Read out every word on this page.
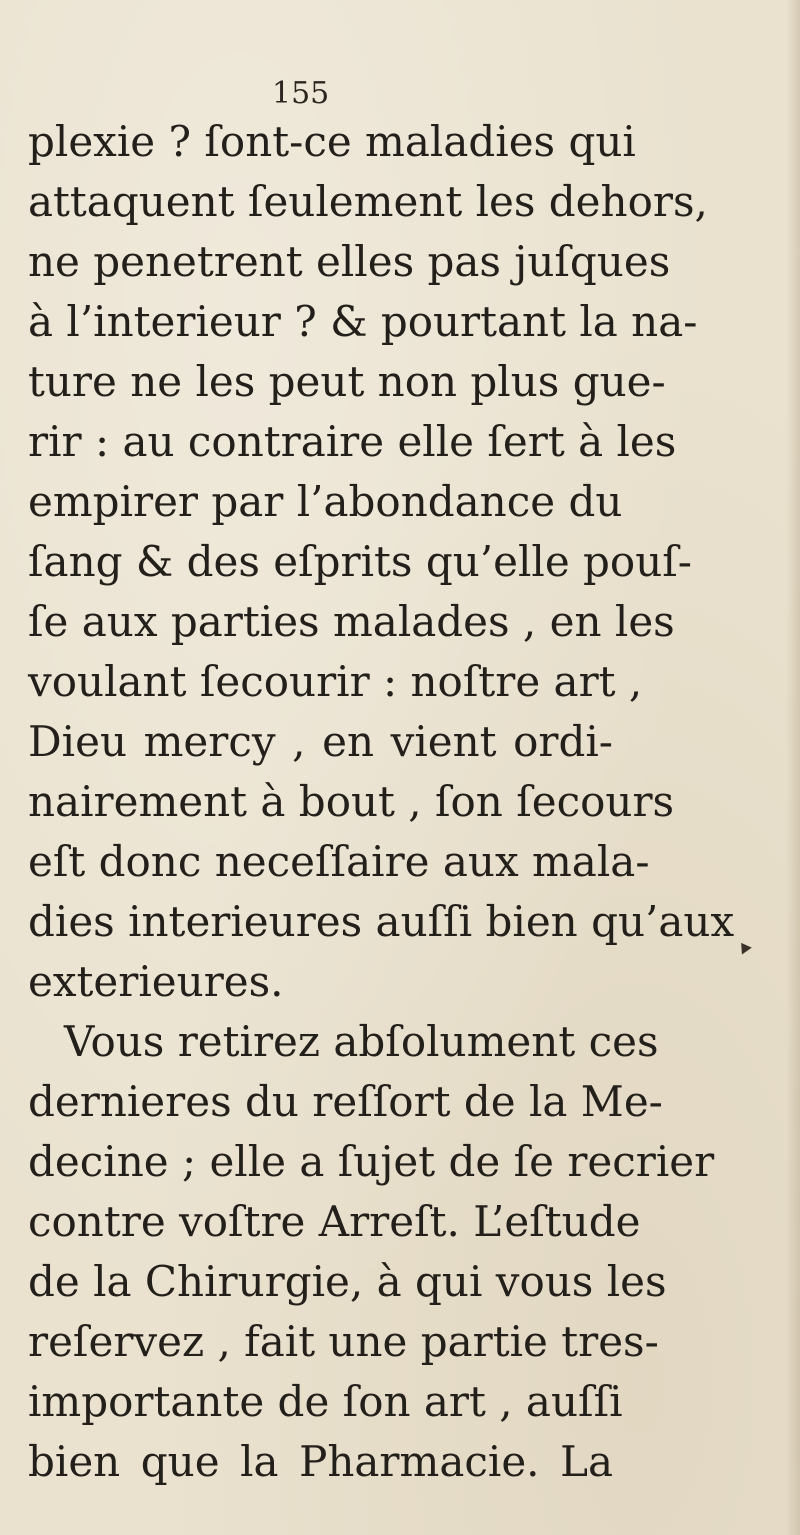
155

plexie ? ſont-ce maladies qui
attaquent ſeulement les dehors,
ne penetrent elles pas juſques
à l’interieur ? & pourtant la na-
ture ne les peut non plus gue-
rir : au contraire elle ſert à les
empirer par l’abondance du
ſang & des eſprits qu’elle pouſ-
ſe aux parties malades , en les
voulant ſecourir : noſtre art ,
Dieu mercy , en vient ordi-
nairement à bout , ſon ſecours
eſt donc neceſſaire aux mala-
dies interieures auſſi bien qu’aux
exterieures.
Vous retirez abſolument ces
dernieres du reſſort de la Me-
decine ; elle a ſujet de ſe recrier
contre voſtre Arreſt. L’eſtude
de la Chirurgie, à qui vous les
reſervez , fait une partie tres-
importante de ſon art , auſſi
bien que la Pharmacie. La
